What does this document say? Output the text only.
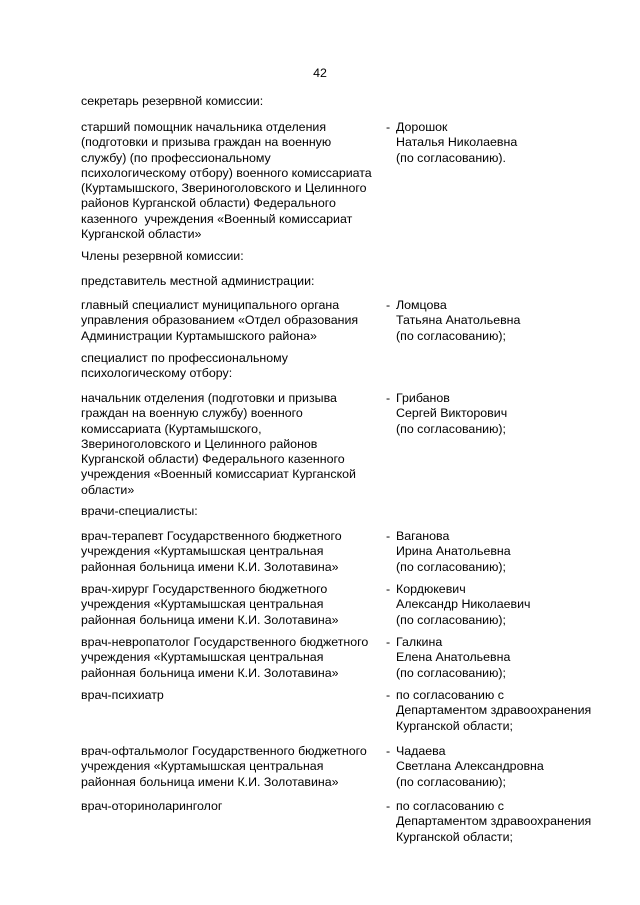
42
секретарь резервной комиссии:
старший помощник начальника отделения
(подготовки и призыва граждан на военную
службу) (по профессиональному
психологическому отбору) военного комиссариата
(Куртамышского, Звериноголовского и Целинного
районов Курганской области) Федерального
казенного  учреждения «Военный комиссариат
Курганской области»
- Дорошок
Наталья Николаевна
(по согласованию).
Члены резервной комиссии:
представитель местной администрации:
главный специалист муниципального органа
управления образованием «Отдел образования
Администрации Куртамышского района»
- Ломцова
Татьяна Анатольевна
(по согласованию);
специалист по профессиональному
психологическому отбору:
начальник отделения (подготовки и призыва
граждан на военную службу) военного
комиссариата (Куртамышского,
Звериноголовского и Целинного районов
Курганской области) Федерального казенного
учреждения «Военный комиссариат Курганской
области»
- Грибанов
Сергей Викторович
(по согласованию);
врачи-специалисты:
врач-терапевт Государственного бюджетного
учреждения «Куртамышская центральная
районная больница имени К.И. Золотавина»
- Ваганова
Ирина Анатольевна
(по согласованию);
врач-хирург Государственного бюджетного
учреждения «Куртамышская центральная
районная больница имени К.И. Золотавина»
- Кордюкевич
Александр Николаевич
(по согласованию);
врач-невропатолог Государственного бюджетного
учреждения «Куртамышская центральная
районная больница имени К.И. Золотавина»
- Галкина
Елена Анатольевна
(по согласованию);
врач-психиатр	- по согласованию с
Департаментом здравоохранения
Курганской области;
врач-офтальмолог Государственного бюджетного
учреждения «Куртамышская центральная
районная больница имени К.И. Золотавина»
- Чадаева
Светлана Александровна
(по согласованию);
врач-оториноларинголог	- по согласованию с
Департаментом здравоохранения
Курганской области;
